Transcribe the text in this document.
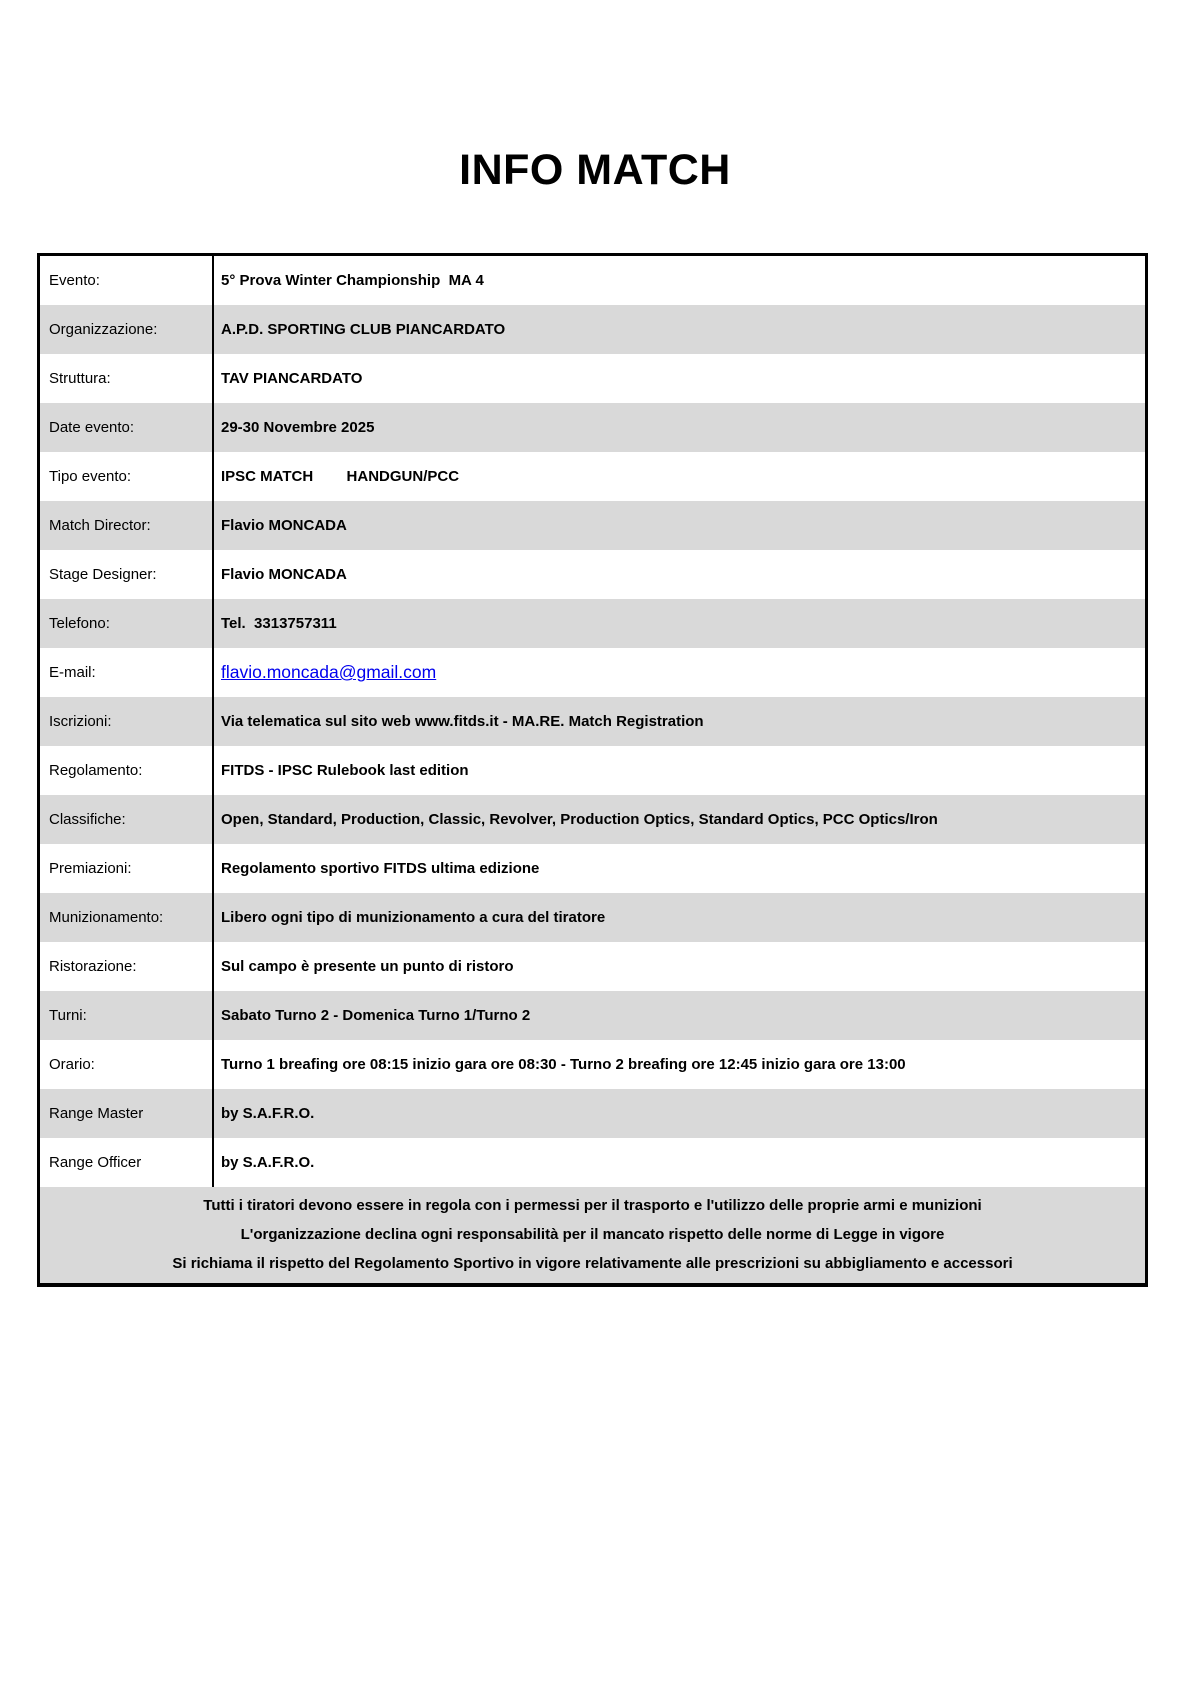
INFO MATCH
Evento:	5° Prova Winter Championship  MA 4
Organizzazione:	A.P.D. SPORTING CLUB PIANCARDATO
Struttura:	TAV PIANCARDATO
Date evento:	29-30 Novembre 2025
Tipo evento:	IPSC MATCH        HANDGUN/PCC
Match Director:	Flavio MONCADA
Stage Designer:	Flavio MONCADA
Telefono:	Tel.  3313757311
E-mail:	flavio.moncada@gmail.com
Iscrizioni:	Via telematica sul sito web www.fitds.it - MA.RE. Match Registration
Regolamento:	FITDS - IPSC Rulebook last edition
Classifiche:	Open, Standard, Production, Classic, Revolver, Production Optics, Standard Optics, PCC Optics/Iron
Premiazioni:	Regolamento sportivo FITDS ultima edizione
Munizionamento:	Libero ogni tipo di munizionamento a cura del tiratore
Ristorazione:	Sul campo è presente un punto di ristoro
Turni:	Sabato Turno 2 - Domenica Turno 1/Turno 2
Orario:	Turno 1 breafing ore 08:15 inizio gara ore 08:30 - Turno 2 breafing ore 12:45 inizio gara ore 13:00
Range Master	by S.A.F.R.O.
Range Officer	by S.A.F.R.O.
Tutti i tiratori devono essere in regola con i permessi per il trasporto e l'utilizzo delle proprie armi e munizioni
L'organizzazione declina ogni responsabilità per il mancato rispetto delle norme di Legge in vigore
Si richiama il rispetto del Regolamento Sportivo in vigore relativamente alle prescrizioni su abbigliamento e accessori
